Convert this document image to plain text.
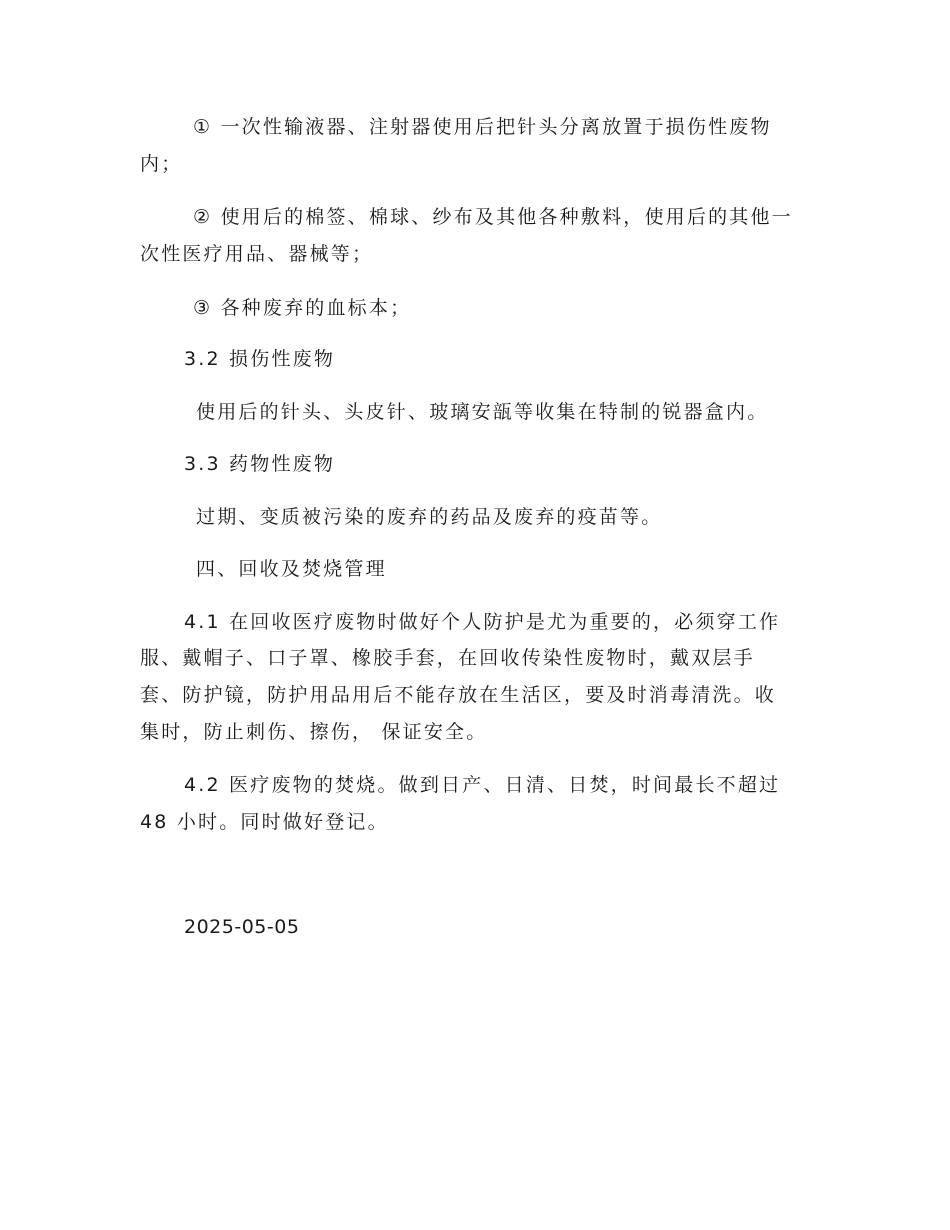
① 一次性输液器、注射器使用后把针头分离放置于损伤性废物
内；
② 使用后的棉签、棉球、纱布及其他各种敷料，使用后的其他一
次性医疗用品、器械等；
③ 各种废弃的血标本；
3.2 损伤性废物
使用后的针头、头皮针、玻璃安瓿等收集在特制的锐器盒内。
3.3 药物性废物
过期、变质被污染的废弃的药品及废弃的疫苗等。
四、回收及焚烧管理
4.1 在回收医疗废物时做好个人防护是尤为重要的，必须穿工作
服、戴帽子、口子罩、橡胶手套，在回收传染性废物时，戴双层手
套、防护镜，防护用品用后不能存放在生活区，要及时消毒清洗。收
集时，防止刺伤、擦伤， 保证安全。
4.2 医疗废物的焚烧。做到日产、日清、日焚，时间最长不超过
48 小时。同时做好登记。
2025-05-05
